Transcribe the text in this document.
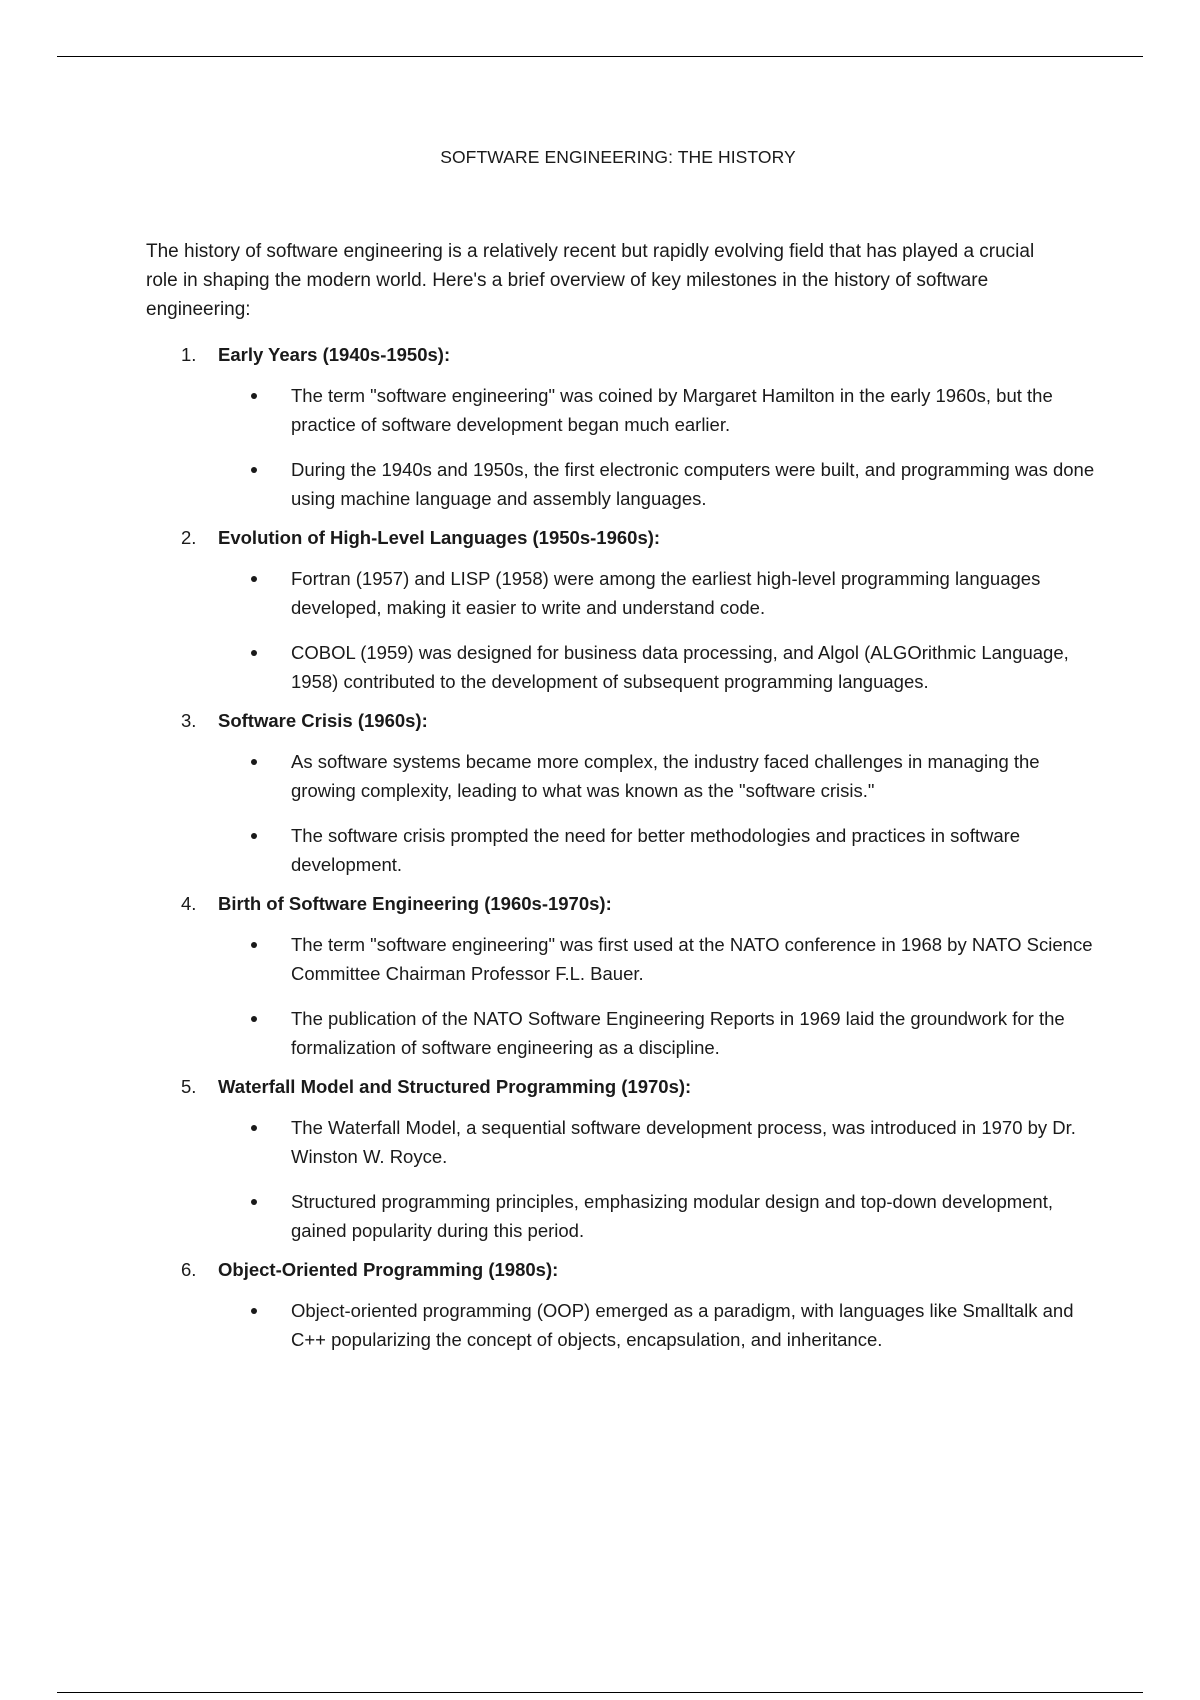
SOFTWARE ENGINEERING: THE HISTORY

The history of software engineering is a relatively recent but rapidly evolving field that has played a crucial role in shaping the modern world. Here's a brief overview of key milestones in the history of software engineering:

1. Early Years (1940s-1950s):
The term "software engineering" was coined by Margaret Hamilton in the early 1960s, but the practice of software development began much earlier.
During the 1940s and 1950s, the first electronic computers were built, and programming was done using machine language and assembly languages.
2. Evolution of High-Level Languages (1950s-1960s):
Fortran (1957) and LISP (1958) were among the earliest high-level programming languages developed, making it easier to write and understand code.
COBOL (1959) was designed for business data processing, and Algol (ALGOrithmic Language, 1958) contributed to the development of subsequent programming languages.
3. Software Crisis (1960s):
As software systems became more complex, the industry faced challenges in managing the growing complexity, leading to what was known as the "software crisis."
The software crisis prompted the need for better methodologies and practices in software development.
4. Birth of Software Engineering (1960s-1970s):
The term "software engineering" was first used at the NATO conference in 1968 by NATO Science Committee Chairman Professor F.L. Bauer.
The publication of the NATO Software Engineering Reports in 1969 laid the groundwork for the formalization of software engineering as a discipline.
5. Waterfall Model and Structured Programming (1970s):
The Waterfall Model, a sequential software development process, was introduced in 1970 by Dr. Winston W. Royce.
Structured programming principles, emphasizing modular design and top-down development, gained popularity during this period.
6. Object-Oriented Programming (1980s):
Object-oriented programming (OOP) emerged as a paradigm, with languages like Smalltalk and C++ popularizing the concept of objects, encapsulation, and inheritance.
